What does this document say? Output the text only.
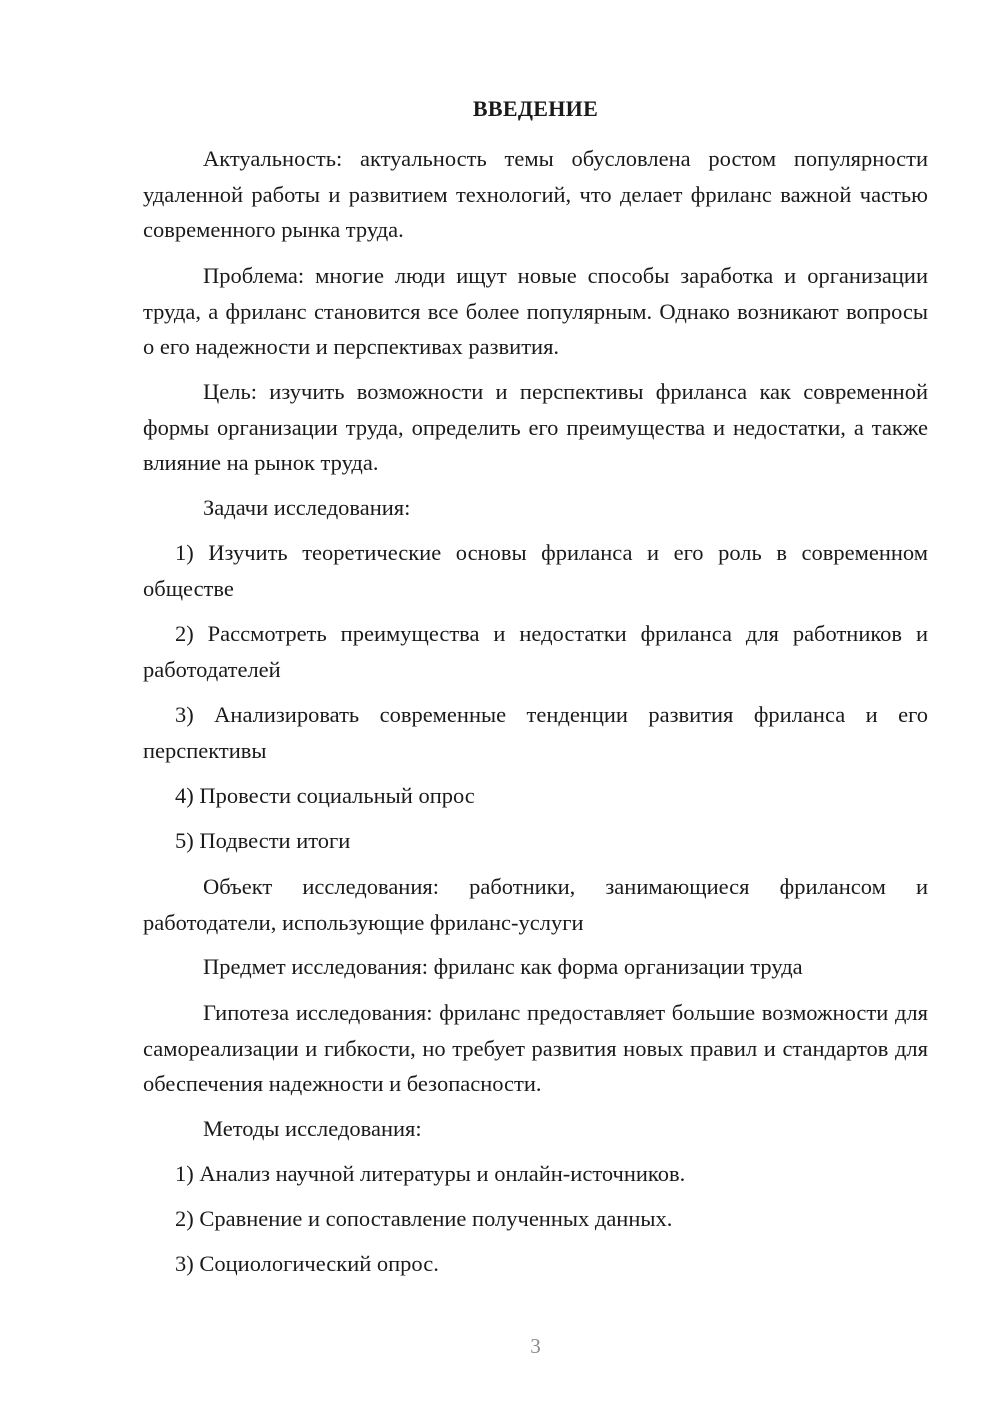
ВВЕДЕНИЕ

Актуальность: актуальность темы обусловлена ростом популярности удаленной работы и развитием технологий, что делает фриланс важной частью современного рынка труда.

Проблема: многие люди ищут новые способы заработка и организации труда, а фриланс становится все более популярным. Однако возникают вопросы о его надежности и перспективах развития.

Цель: изучить возможности и перспективы фриланса как современной формы организации труда, определить его преимущества и недостатки, а также влияние на рынок труда.

Задачи исследования:

1) Изучить теоретические основы фриланса и его роль в современном обществе

2) Рассмотреть преимущества и недостатки фриланса для работников и работодателей

3) Анализировать современные тенденции развития фриланса и его перспективы

4) Провести социальный опрос

5) Подвести итоги

Объект исследования: работники, занимающиеся фрилансом и работодатели, использующие фриланс-услуги

Предмет исследования: фриланс как форма организации труда

Гипотеза исследования: фриланс предоставляет большие возможности для самореализации и гибкости, но требует развития новых правил и стандартов для обеспечения надежности и безопасности.

Методы исследования:

1) Анализ научной литературы и онлайн-источников.

2) Сравнение и сопоставление полученных данных.

3) Социологический опрос.

3
